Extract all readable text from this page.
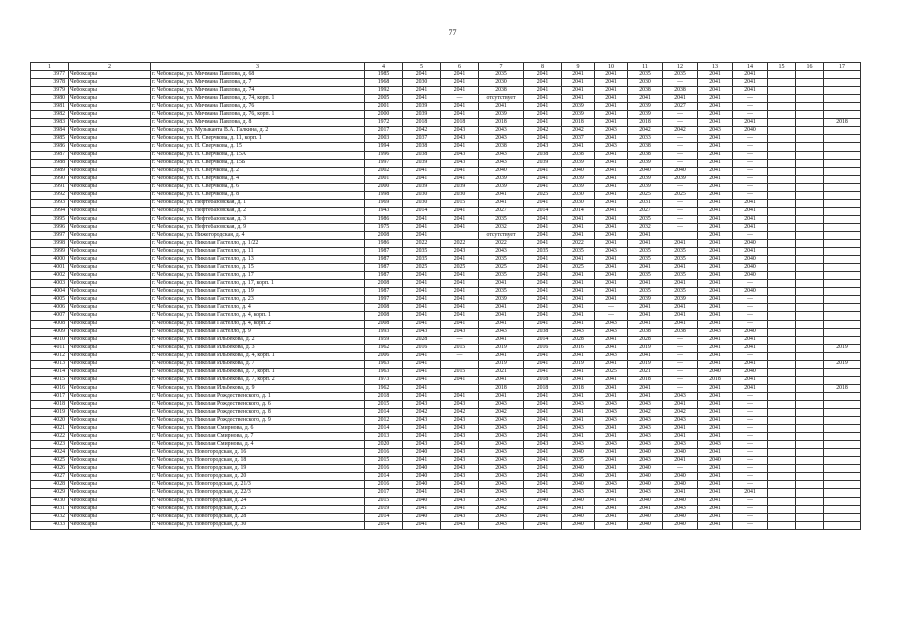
77
1	2	3	4	5	6	7	8	9	10	11	12	13	14	15	16	17
3977	Чебоксары	г. Чебоксары, ул. Мичмана Павлова, д. 68	1985	2041	2041	2035	2041	2041	2041	2035	2035	2041	2041			
3978	Чебоксары	г. Чебоксары, ул. Мичмана Павлова, д. 7	1968	2030	2041	2030	2041	2041	2041	2030	—	2041	2041			
3979	Чебоксары	г. Чебоксары, ул. Мичмана Павлова, д. 74	1992	2041	2041	2038	2041	2041	2041	2038	2038	2041	2041			
3980	Чебоксары	г. Чебоксары, ул. Мичмана Павлова, д. 74, корп. 1	2005	2041	—	отсутствует	2041	2041	2041	2041	2041	2041	—			
3981	Чебоксары	г. Чебоксары, ул. Мичмана Павлова, д. 76	2001	2039	2041	2041	2041	2039	2041	2039	2027	2041	—			
3982	Чебоксары	г. Чебоксары, ул. Мичмана Павлова, д. 76, корп. 1	2000	2039	2041	2039	2041	2039	2041	2039	—	2041	—			
3983	Чебоксары	г. Чебоксары, ул. Мичмана Павлова, д. 8	1972	2018	2018	2018	2041	2018	2041	2018	—	2041	2041			2018
3984	Чебоксары	г. Чебоксары, ул. Музыканта В.А. Галкина, д. 2	2017	2042	2043	2043	2042	2042	2043	2042	2042	2043	2040			
3985	Чебоксары	г. Чебоксары, ул. Н. Сверчкова, д. 11, корп. 1	2003	2037	2043	2043	2041	2037	2041	2033	—	2041	—			
3986	Чебоксары	г. Чебоксары, ул. Н. Сверчкова, д. 15	1994	2038	2041	2038	2043	2041	2043	2038	—	2041	—			
3987	Чебоксары	г. Чебоксары, ул. Н. Сверчкова, д. 15А	1996	2038	2043	2043	2038	2038	2041	2038	—	2041	—			
3988	Чебоксары	г. Чебоксары, ул. Н. Сверчкова, д. 15Б	1997	2039	2043	2043	2039	2039	2041	2039	—	2041	—			
3989	Чебоксары	г. Чебоксары, ул. Н. Сверчкова, д. 2	2002	2041	2041	2040	2041	2040	2041	2040	2040	2041	—			
3990	Чебоксары	г. Чебоксары, ул. Н. Сверчкова, д. 4	2001	2041	2041	2039	2041	2039	2041	2039	2039	2041	—			
3991	Чебоксары	г. Чебоксары, ул. Н. Сверчкова, д. 6	2000	2039	2039	2039	2041	2039	2041	2039	—	2041	—			
3992	Чебоксары	г. Чебоксары, ул. Н. Сверчкова, д. 8	1998	2030	2030	2041	2025	2030	2041	2025	2025	2041	—			
3993	Чебоксары	г. Чебоксары, ул. Нефтебазовская, д. 1	1969	2030	2015	2041	2041	2030	2041	2031	—	2041	2041			
3994	Чебоксары	г. Чебоксары, ул. Нефтебазовская, д. 2	1943	2014	2041	2027	2014	2014	2041	2027	—	2041	2041			
3995	Чебоксары	г. Чебоксары, ул. Нефтебазовская, д. 3	1986	2041	2041	2035	2041	2041	2041	2035	—	2041	2041			
3996	Чебоксары	г. Чебоксары, ул. Нефтебазовская, д. 9	1975	2041	2041	2032	2041	2041	2041	2032	—	2041	2041			
3997	Чебоксары	г. Чебоксары, ул. Нижегородская, д. 4	2008	2041		отсутствует	2041	2041	2041	2041		2041	—			
3998	Чебоксары	г. Чебоксары, ул. Николая Гастелло, д. 1/22	1986	2022	2022	2022	2041	2022	2041	2041	2041	2041	2040			
3999	Чебоксары	г. Чебоксары, ул. Николая Гастелло, д. 11	1987	2035	2043	2043	2035	2035	2043	2035	2035	2041	2041			
4000	Чебоксары	г. Чебоксары, ул. Николая Гастелло, д. 13	1987	2035	2041	2035	2041	2041	2041	2035	2035	2041	2040			
4001	Чебоксары	г. Чебоксары, ул. Николая Гастелло, д. 15	1987	2025	2025	2025	2041	2025	2041	2041	2041	2041	2040			
4002	Чебоксары	г. Чебоксары, ул. Николая Гастелло, д. 17	1987	2041	2041	2035	2041	2041	2041	2035	2035	2041	2040			
4003	Чебоксары	г. Чебоксары, ул. Николая Гастелло, д. 17, корп. 1	2008	2041	2041	2041	2041	2041	2041	2041	2041	2041	—			
4004	Чебоксары	г. Чебоксары, ул. Николая Гастелло, д. 19	1987	2041	2041	2035	2041	2041	2041	2035	2035	2041	2040			
4005	Чебоксары	г. Чебоксары, ул. Николая Гастелло, д. 23	1997	2041	2041	2039	2041	2041	2041	2039	2039	2041	—			
4006	Чебоксары	г. Чебоксары, ул. Николая Гастелло, д. 4	2008	2041	2041	2041	2041	2041	—	2041	2041	2041	—			
4007	Чебоксары	г. Чебоксары, ул. Николая Гастелло, д. 4, корп. 1	2008	2041	2041	2041	2041	2041	—	2041	2041	2041	—			
4008	Чебоксары	г. Чебоксары, ул. Николая Гастелло, д. 4, корп. 2	2008	2041	2041	2041	2041	2041	2043	2041	2041	2041	—			
4009	Чебоксары	г. Чебоксары, ул. Николая Гастелло, д. 9	1993	2043	2043	2043	2038	2043	2043	2038	2038	2043	2040			
4010	Чебоксары	г. Чебоксары, ул. Николая Ильбекова, д. 2	1959	2028	—	2041	2014	2028	2041	2028	—	2041	2041			
4011	Чебоксары	г. Чебоксары, ул. Николая Ильбекова, д. 3	1962	2016	2015	2019	2016	2016	2041	2019	—	2041	2041			2019
4012	Чебоксары	г. Чебоксары, ул. Николая Ильбекова, д. 4, корп. 1	2006	2041	—	2041	2041	2041	2043	2041	—	2041	—			
4013	Чебоксары	г. Чебоксары, ул. Николая Ильбекова, д. 7	1963	2041		2019	2041	2019	2041	2019	—	2041	2041			2019
4014	Чебоксары	г. Чебоксары, ул. Николая Ильбекова, д. 7, корп. 1	1963	2041	2015	2021	2041	2041	2025	2021	—	2040	2040			
4015	Чебоксары	г. Чебоксары, ул. Николая Ильбекова, д. 7, корп. 2	1973	2041	2041	2041	2018	2041	2041	2018	—	2018	2041			
4016	Чебоксары	г. Чебоксары, ул. Николая Ильбекова, д. 9	1962	2041		2018	2018	2018	2041	2041	—	2041	2041			2018
4017	Чебоксары	г. Чебоксары, ул. Николая Рождественского, д. 1	2018	2041	2041	2041	2041	2041	2041	2041	2043	2041	—			
4018	Чебоксары	г. Чебоксары, ул. Николая Рождественского, д. 6	2015	2043	2043	2043	2041	2043	2043	2043	2041	2041	—			
4019	Чебоксары	г. Чебоксары, ул. Николая Рождественского, д. 8	2014	2042	2042	2042	2041	2041	2043	2042	2042	2041	—			
4020	Чебоксары	г. Чебоксары, ул. Николая Рождественского, д. 9	2012	2043	2043	2043	2041	2041	2043	2043	2043	2041	—			
4021	Чебоксары	г. Чебоксары, ул. Николая Смирнова, д. 6	2014	2041	2043	2043	2041	2043	2041	2043	2041	2041	—			
4022	Чебоксары	г. Чебоксары, ул. Николая Смирнова, д. 7	2013	2041	2043	2043	2041	2041	2041	2043	2041	2041	—			
4023	Чебоксары	г. Чебоксары, ул. Николая Смирнова, д. 4	2020	2043	2043	2043	2043	2043	2043	2043	2043	2043	—			
4024	Чебоксары	г. Чебоксары, ул. Новогородская, д. 16	2016	2040	2043	2043	2041	2040	2041	2040	2040	2041	—			
4025	Чебоксары	г. Чебоксары, ул. Новогородская, д. 18	2015	2041	2043	2043	2041	2035	2041	2043	2041	2040	—			
4026	Чебоксары	г. Чебоксары, ул. Новогородская, д. 19	2016	2040	2043	2043	2041	2040	2041	2040	—	2041	—			
4027	Чебоксары	г. Чебоксары, ул. Новогородская, д. 20	2014	2040	2043	2043	2041	2040	2041	2040	2040	2041	—			
4028	Чебоксары	г. Чебоксары, ул. Новогородская, д. 21/3	2016	2040	2043	2043	2041	2040	2043	2040	2040	2041	—			
4029	Чебоксары	г. Чебоксары, ул. Новогородская, д. 22/3	2017	2041	2043	2043	2041	2043	2041	2043	2041	2041	2041			
4030	Чебоксары	г. Чебоксары, ул. Новогородская, д. 24	2015	2040	2043	2043	2040	2040	2041	2040	2040	2041	—			
4031	Чебоксары	г. Чебоксары, ул. Новогородская, д. 25	2019	2041	2041	2042	2041	2041	2041	2041	2043	2041	—			
4032	Чебоксары	г. Чебоксары, ул. Новогородская, д. 28	2014	2040	2043	2043	2041	2040	2041	2040	2040	2041	—			
4033	Чебоксары	г. Чебоксары, ул. Новогородская, д. 30	2014	2041	2043	2043	2041	2040	2041	2040	2040	2041	—			
